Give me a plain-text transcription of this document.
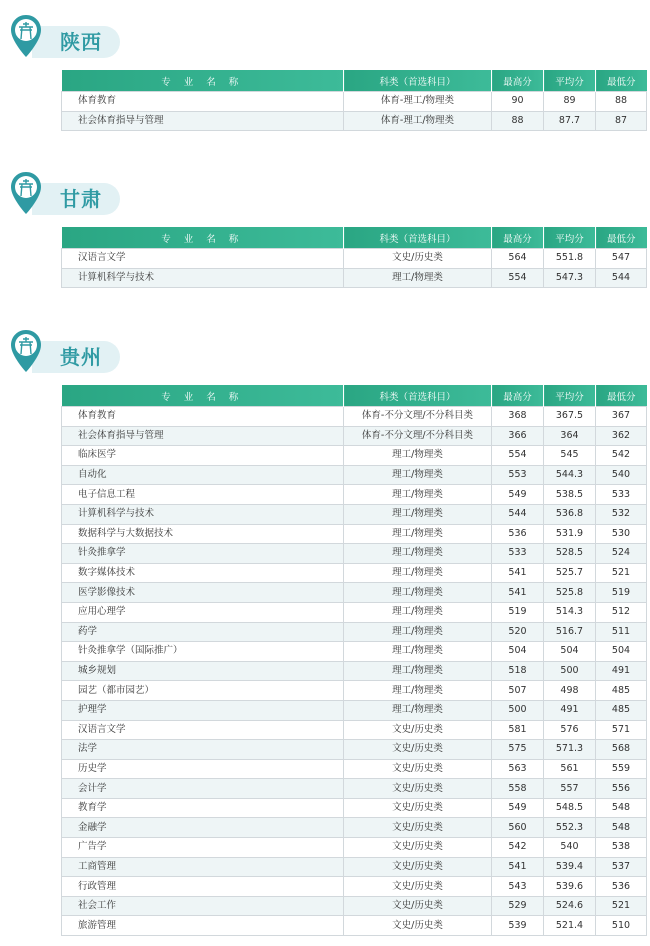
陕西
专 业 名 称	科类（首选科目）	最高分	平均分	最低分
体育教育	体育-理工/物理类	90	89	88
社会体育指导与管理	体育-理工/物理类	88	87.7	87
甘肃
专 业 名 称	科类（首选科目）	最高分	平均分	最低分
汉语言文学	文史/历史类	564	551.8	547
计算机科学与技术	理工/物理类	554	547.3	544
贵州
专 业 名 称	科类（首选科目）	最高分	平均分	最低分
体育教育	体育-不分文理/不分科目类	368	367.5	367
社会体育指导与管理	体育-不分文理/不分科目类	366	364	362
临床医学	理工/物理类	554	545	542
自动化	理工/物理类	553	544.3	540
电子信息工程	理工/物理类	549	538.5	533
计算机科学与技术	理工/物理类	544	536.8	532
数据科学与大数据技术	理工/物理类	536	531.9	530
针灸推拿学	理工/物理类	533	528.5	524
数字媒体技术	理工/物理类	541	525.7	521
医学影像技术	理工/物理类	541	525.8	519
应用心理学	理工/物理类	519	514.3	512
药学	理工/物理类	520	516.7	511
针灸推拿学（国际推广）	理工/物理类	504	504	504
城乡规划	理工/物理类	518	500	491
园艺（都市园艺）	理工/物理类	507	498	485
护理学	理工/物理类	500	491	485
汉语言文学	文史/历史类	581	576	571
法学	文史/历史类	575	571.3	568
历史学	文史/历史类	563	561	559
会计学	文史/历史类	558	557	556
教育学	文史/历史类	549	548.5	548
金融学	文史/历史类	560	552.3	548
广告学	文史/历史类	542	540	538
工商管理	文史/历史类	541	539.4	537
行政管理	文史/历史类	543	539.6	536
社会工作	文史/历史类	529	524.6	521
旅游管理	文史/历史类	539	521.4	510
